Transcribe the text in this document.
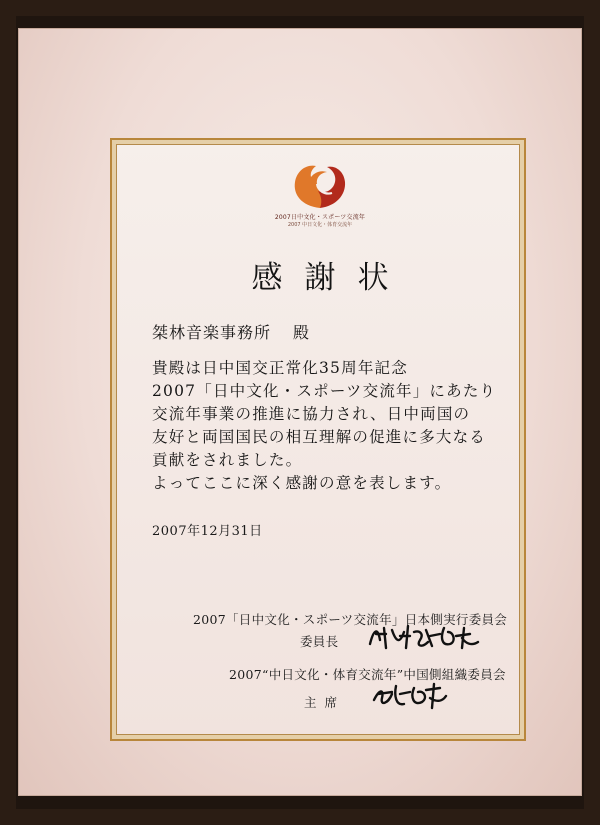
2007日中文化・スポーツ交流年
2007 中日文化・体育交流年
感謝状
桀林音楽事務所 殿
貴殿は日中国交正常化35周年記念
2007「日中文化・スポーツ交流年」にあたり
交流年事業の推進に協力され、日中両国の
友好と両国国民の相互理解の促進に多大なる
貢献をされました。
よってここに深く感謝の意を表します。
2007年12月31日
2007「日中文化・スポーツ交流年」日本側実行委員会
委員長
2007“中日文化・体育交流年”中国側組織委員会
主席
